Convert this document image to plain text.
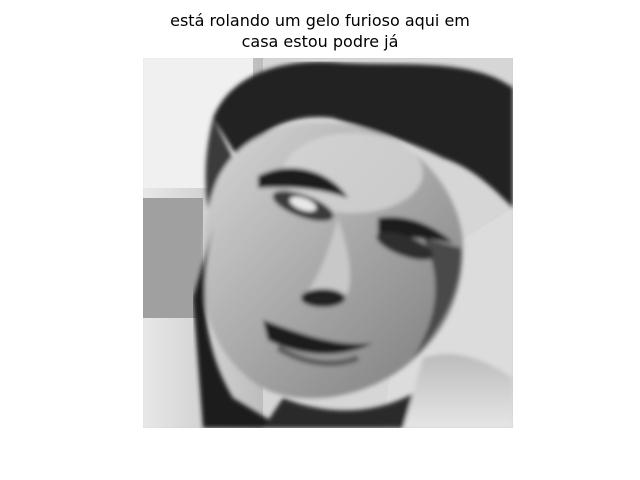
está rolando um gelo furioso aqui em
casa estou podre já
